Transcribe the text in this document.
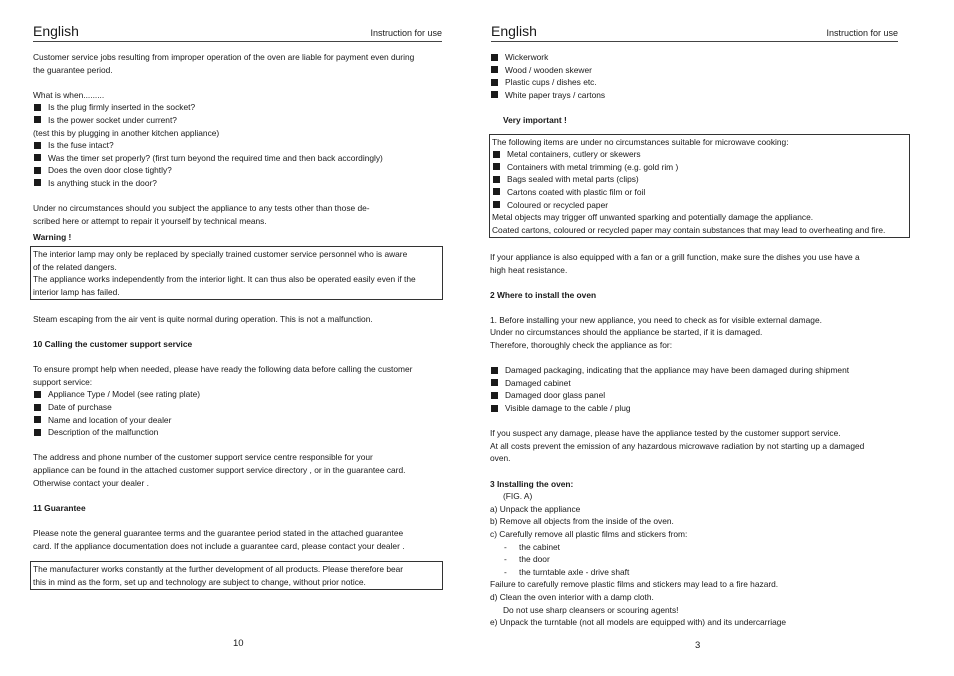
English	Instruction for use
Customer service jobs resulting from improper operation of the oven are liable for payment even during
the guarantee period.
What is when.........
Is the plug firmly inserted in the socket?
Is the power socket under current?
(test this by plugging in another kitchen appliance)
Is the fuse intact?
Was the timer set properly? (first turn beyond the required time and then back accordingly)
Does the oven door close tightly?
Is anything stuck in the door?
Under no circumstances should you subject the appliance to any tests other than those de-
scribed here or attempt to repair it yourself by technical means.
Warning !
The interior lamp may only be replaced by specially trained customer service personnel who is aware
of the related dangers.
The appliance works independently from the interior light. It can thus also be operated easily even if the
interior lamp has failed.
Steam escaping from the air vent is quite normal during operation. This is not a malfunction.
10 Calling the customer support service
To ensure prompt help when needed, please have ready the following data before calling the customer
support service:
Appliance Type / Model (see rating plate)
Date of purchase
Name and location of your dealer
Description of the malfunction
The address and phone number of the customer support service centre responsible for your
appliance can be found in the attached customer support service directory , or in the guarantee card.
Otherwise contact your dealer .
11 Guarantee
Please note the general guarantee terms and the guarantee period stated in the attached guarantee
card. If the appliance documentation does not include a guarantee card, please contact your dealer .
The manufacturer works constantly at the further development of all products. Please therefore bear
this in mind as the form, set up and technology are subject to change, without prior notice.
10
English	Instruction for use
Wickerwork
Wood / wooden skewer
Plastic cups / dishes etc.
White paper trays / cartons
Very important !
The following items are under no circumstances suitable for microwave cooking:
Metal containers, cutlery or skewers
Containers with metal trimming (e.g. gold rim )
Bags sealed with metal parts (clips)
Cartons coated with plastic film or foil
Coloured or recycled paper
Metal objects may trigger off unwanted sparking and potentially damage the appliance.
Coated cartons, coloured or recycled paper may contain substances that may lead to overheating and fire.
If your appliance is also equipped with a fan or a grill function, make sure the dishes you use have a
high heat resistance.
2 Where to install the oven
1. Before installing your new appliance, you need to check as for visible external damage.
Under no circumstances should the appliance be started, if it is damaged.
Therefore, thoroughly check the appliance as for:
Damaged packaging, indicating that the appliance may have been damaged during shipment
Damaged cabinet
Damaged door glass panel
Visible damage to the cable / plug
If you suspect any damage, please have the appliance tested by the customer support service.
At all costs prevent the emission of any hazardous microwave radiation by not starting up a damaged
oven.
3 Installing the oven:
(FIG. A)
a) Unpack the appliance
b) Remove all objects from the inside of the oven.
c) Carefully remove all plastic films and stickers from:
- the cabinet
- the door
- the turntable axle - drive shaft
Failure to carefully remove plastic films and stickers may lead to a fire hazard.
d) Clean the oven interior with a damp cloth.
Do not use sharp cleansers or scouring agents!
e) Unpack the turntable (not all models are equipped with) and its undercarriage
3
